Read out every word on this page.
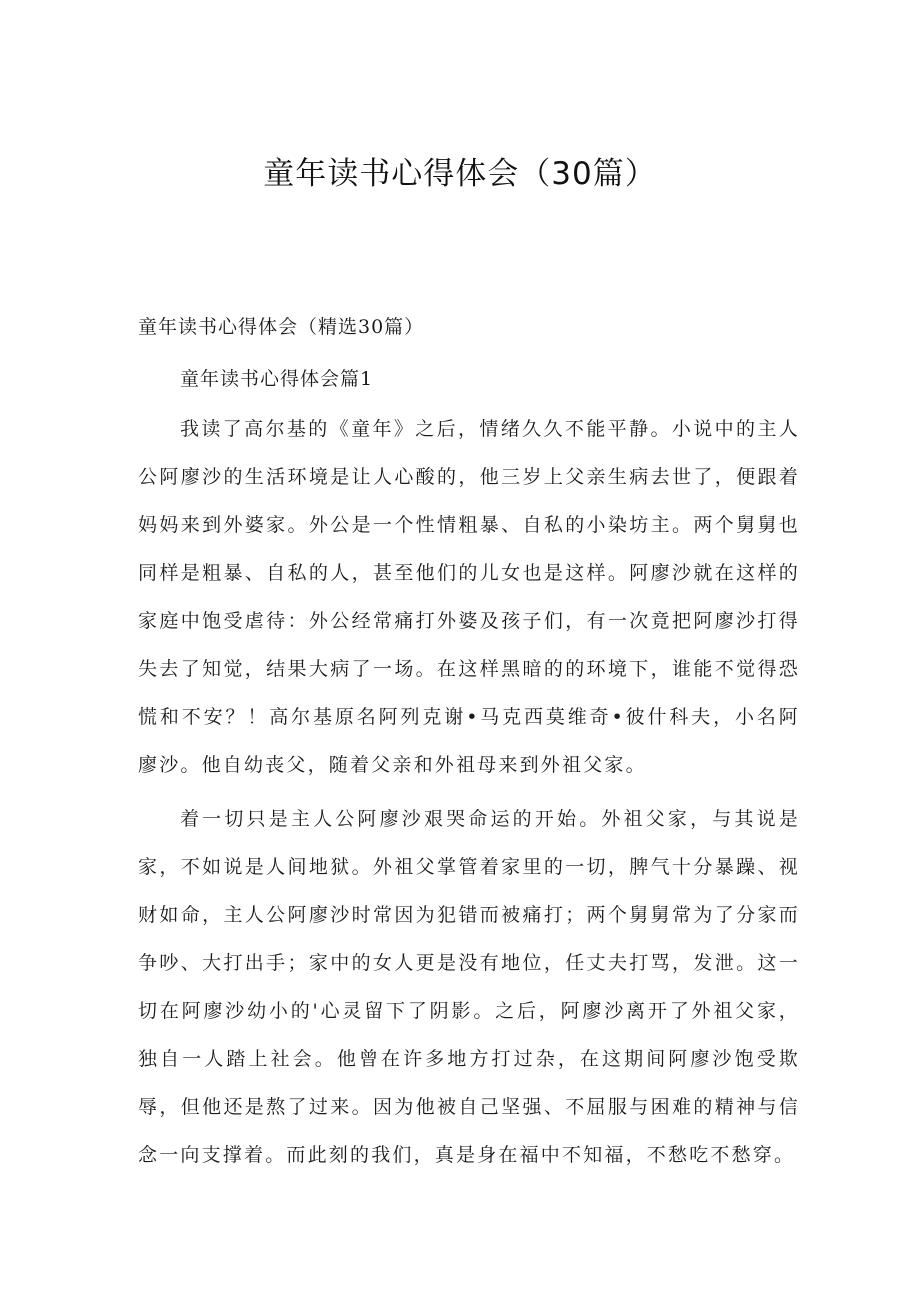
童年读书心得体会（30篇）

童年读书心得体会（精选30篇）

童年读书心得体会篇1

我读了高尔基的《童年》之后，情绪久久不能平静。小说中的主人公阿廖沙的生活环境是让人心酸的，他三岁上父亲生病去世了，便跟着妈妈来到外婆家。外公是一个性情粗暴、自私的小染坊主。两个舅舅也同样是粗暴、自私的人，甚至他们的儿女也是这样。阿廖沙就在这样的家庭中饱受虐待：外公经常痛打外婆及孩子们，有一次竟把阿廖沙打得失去了知觉，结果大病了一场。在这样黑暗的的环境下，谁能不觉得恐慌和不安？！高尔基原名阿列克谢•马克西莫维奇•彼什科夫，小名阿廖沙。他自幼丧父，随着父亲和外祖母来到外祖父家。

着一切只是主人公阿廖沙艰哭命运的开始。外祖父家，与其说是家，不如说是人间地狱。外祖父掌管着家里的一切，脾气十分暴躁、视财如命，主人公阿廖沙时常因为犯错而被痛打；两个舅舅常为了分家而争吵、大打出手；家中的女人更是没有地位，任丈夫打骂，发泄。这一切在阿廖沙幼小的'心灵留下了阴影。之后，阿廖沙离开了外祖父家，独自一人踏上社会。他曾在许多地方打过杂，在这期间阿廖沙饱受欺辱，但他还是熬了过来。因为他被自己坚强、不屈服与困难的精神与信念一向支撑着。而此刻的我们，真是身在福中不知福，不愁吃不愁穿。
